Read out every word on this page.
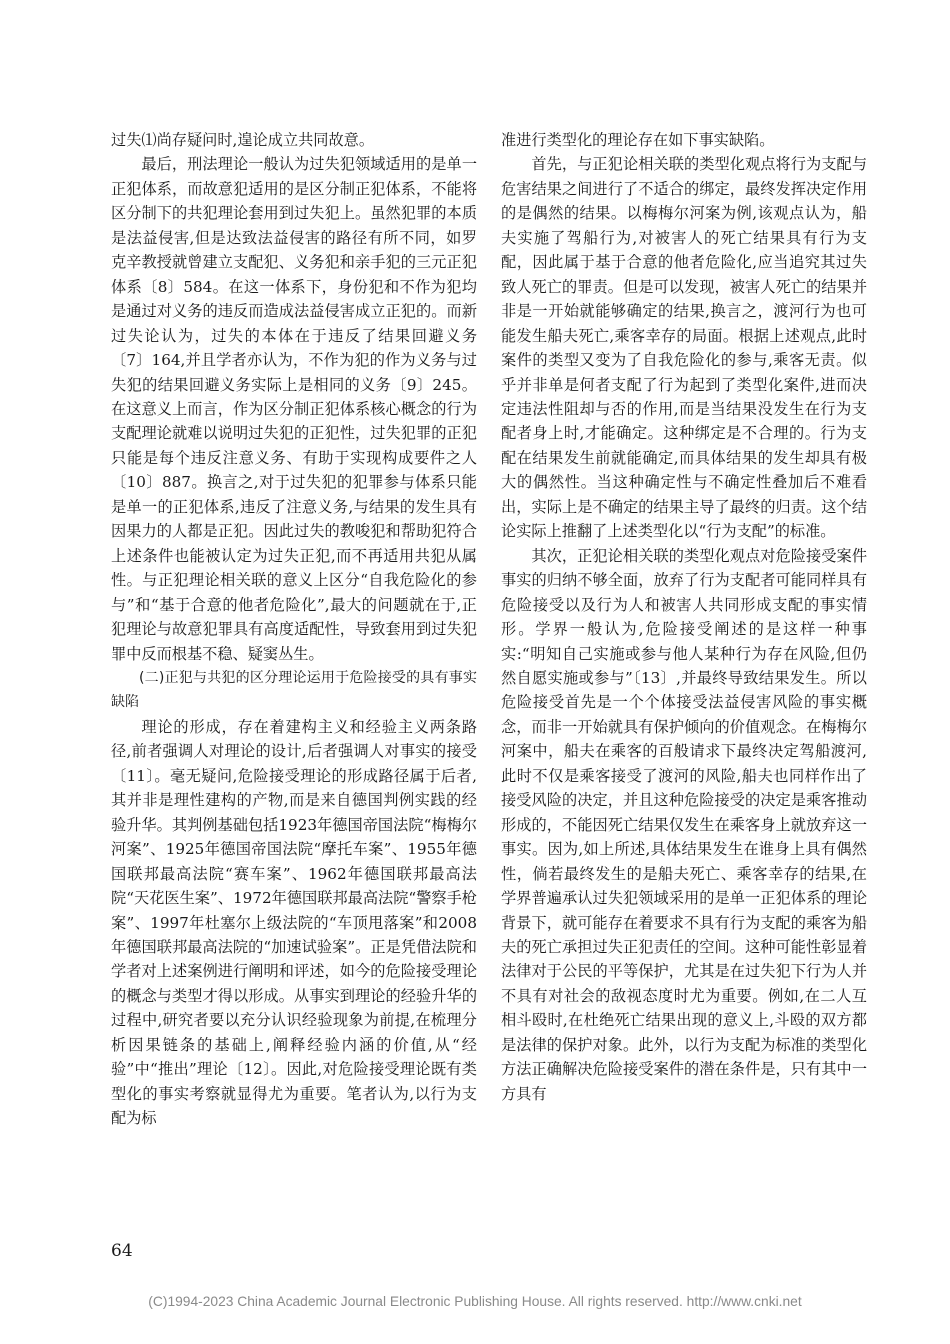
过失⑴尚存疑问时,遑论成立共同故意。

最后，刑法理论一般认为过失犯领域适用的是单一正犯体系，而故意犯适用的是区分制正犯体系，不能将区分制下的共犯理论套用到过失犯上。虽然犯罪的本质是法益侵害,但是达致法益侵害的路径有所不同，如罗克辛教授就曾建立支配犯、义务犯和亲手犯的三元正犯体系〔8〕584。在这一体系下，身份犯和不作为犯均是通过对义务的违反而造成法益侵害成立正犯的。而新过失论认为，过失的本体在于违反了结果回避义务〔7〕164,并且学者亦认为，不作为犯的作为义务与过失犯的结果回避义务实际上是相同的义务〔9〕245。在这意义上而言，作为区分制正犯体系核心概念的行为支配理论就难以说明过失犯的正犯性，过失犯罪的正犯只能是每个违反注意义务、有助于实现构成要件之人〔10〕887。换言之,对于过失犯的犯罪参与体系只能是单一的正犯体系,违反了注意义务,与结果的发生具有因果力的人都是正犯。因此过失的教唆犯和帮助犯符合上述条件也能被认定为过失正犯,而不再适用共犯从属性。与正犯理论相关联的意义上区分“自我危险化的参与”和“基于合意的他者危险化”,最大的问题就在于,正犯理论与故意犯罪具有高度适配性，导致套用到过失犯罪中反而根基不稳、疑窦丛生。

(二)正犯与共犯的区分理论运用于危险接受的具有事实缺陷

理论的形成，存在着建构主义和经验主义两条路径,前者强调人对理论的设计,后者强调人对事实的接受〔11〕。毫无疑问,危险接受理论的形成路径属于后者,其并非是理性建构的产物,而是来自德国判例实践的经验升华。其判例基础包括1923年德国帝国法院“梅梅尔河案”、1925年德国帝国法院“摩托车案”、1955年德国联邦最高法院“赛车案”、1962年德国联邦最高法院“天花医生案”、1972年德国联邦最高法院“警察手枪案”、1997年杜塞尔上级法院的“车顶甩落案”和2008年德国联邦最高法院的“加速试验案”。正是凭借法院和学者对上述案例进行阐明和评述，如今的危险接受理论的概念与类型才得以形成。从事实到理论的经验升华的过程中,研究者要以充分认识经验现象为前提,在梳理分析因果链条的基础上,阐释经验内涵的价值,从“经验”中“推出”理论〔12〕。因此,对危险接受理论既有类型化的事实考察就显得尤为重要。笔者认为,以行为支配为标

准进行类型化的理论存在如下事实缺陷。

首先，与正犯论相关联的类型化观点将行为支配与危害结果之间进行了不适合的绑定，最终发挥决定作用的是偶然的结果。以梅梅尔河案为例,该观点认为，船夫实施了驾船行为,对被害人的死亡结果具有行为支配，因此属于基于合意的他者危险化,应当追究其过失致人死亡的罪责。但是可以发现，被害人死亡的结果并非是一开始就能够确定的结果,换言之，渡河行为也可能发生船夫死亡,乘客幸存的局面。根据上述观点,此时案件的类型又变为了自我危险化的参与,乘客无责。似乎并非单是何者支配了行为起到了类型化案件,进而决定违法性阻却与否的作用,而是当结果没发生在行为支配者身上时,才能确定。这种绑定是不合理的。行为支配在结果发生前就能确定,而具体结果的发生却具有极大的偶然性。当这种确定性与不确定性叠加后不难看出，实际上是不确定的结果主导了最终的归责。这个结论实际上推翻了上述类型化以“行为支配”的标准。

其次，正犯论相关联的类型化观点对危险接受案件事实的归纳不够全面，放弃了行为支配者可能同样具有危险接受以及行为人和被害人共同形成支配的事实情形。学界一般认为,危险接受阐述的是这样一种事实:“明知自己实施或参与他人某种行为存在风险,但仍然自愿实施或参与”〔13〕,并最终导致结果发生。所以危险接受首先是一个个体接受法益侵害风险的事实概念，而非一开始就具有保护倾向的价值观念。在梅梅尔河案中，船夫在乘客的百般请求下最终决定驾船渡河,此时不仅是乘客接受了渡河的风险,船夫也同样作出了接受风险的决定，并且这种危险接受的决定是乘客推动形成的，不能因死亡结果仅发生在乘客身上就放弃这一事实。因为,如上所述,具体结果发生在谁身上具有偶然性，倘若最终发生的是船夫死亡、乘客幸存的结果,在学界普遍承认过失犯领域采用的是单一正犯体系的理论背景下，就可能存在着要求不具有行为支配的乘客为船夫的死亡承担过失正犯责任的空间。这种可能性彰显着法律对于公民的平等保护，尤其是在过失犯下行为人并不具有对社会的敌视态度时尤为重要。例如,在二人互相斗殴时,在杜绝死亡结果出现的意义上,斗殴的双方都是法律的保护对象。此外，以行为支配为标准的类型化方法正确解决危险接受案件的潜在条件是，只有其中一方具有

64
(C)1994-2023 China Academic Journal Electronic Publishing House. All rights reserved. http://www.cnki.net
